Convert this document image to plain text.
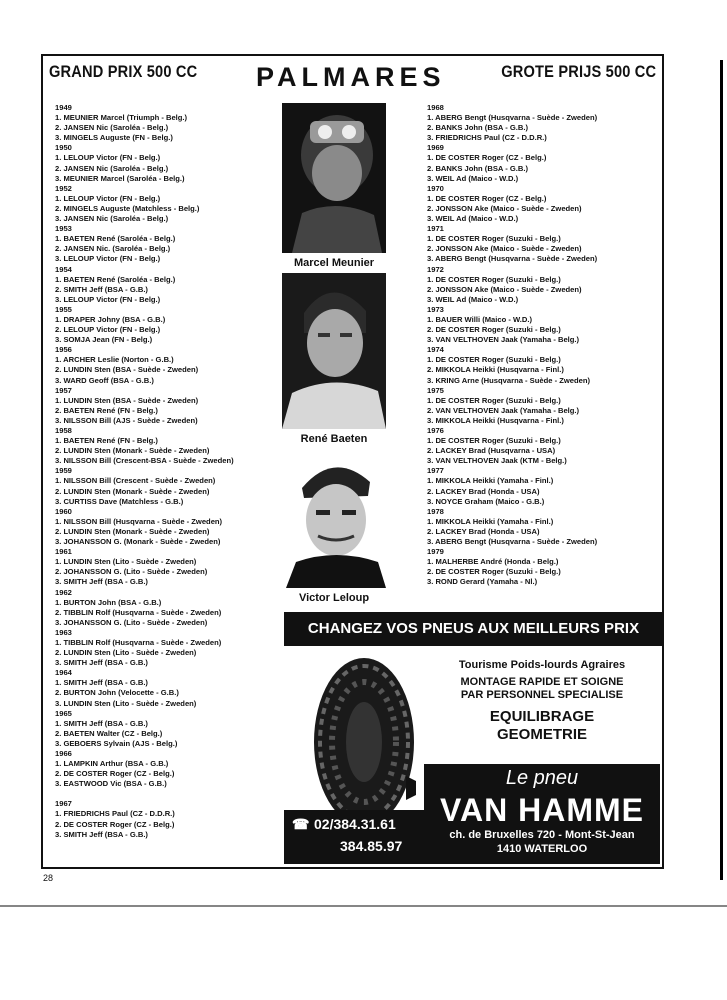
GRAND PRIX 500 CC PALMARES	GROTE PRIJS 500 CC
1949
1. MEUNIER Marcel (Triumph - Belg.)
2. JANSEN Nic (Saroléa - Belg.)
3. MINGELS Auguste (FN - Belg.)
1950
1. LELOUP Victor (FN - Belg.)
2. JANSEN Nic (Saroléa - Belg.)
3. MEUNIER Marcel (Saroléa - Belg.)
1952
1. LELOUP Victor (FN - Belg.)
2. MINGELS Auguste (Matchless - Belg.)
3. JANSEN Nic (Saroléa - Belg.)
1953
1. BAETEN René (Saroléa - Belg.)
2. JANSEN Nic. (Saroléa - Belg.)
3. LELOUP Victor (FN - Belg.)
1954
1. BAETEN René (Saroléa - Belg.)
2. SMITH Jeff (BSA - G.B.)
3. LELOUP Victor (FN - Belg.)
1955
1. DRAPER Johny (BSA - G.B.)
2. LELOUP Victor (FN - Belg.)
3. SOMJA Jean (FN - Belg.)
1956
1. ARCHER Leslie (Norton - G.B.)
2. LUNDIN Sten (BSA - Suède - Zweden)
3. WARD Geoff (BSA - G.B.)
1957
1. LUNDIN Sten (BSA - Suède - Zweden)
2. BAETEN René (FN - Belg.)
3. NILSSON Bill (AJS - Suède - Zweden)
1958
1. BAETEN René (FN - Belg.)
2. LUNDIN Sten (Monark - Suède - Zweden)
3. NILSSON Bill (Crescent-BSA - Suède - Zweden)
1959
1. NILSSON Bill (Crescent - Suède - Zweden)
2. LUNDIN Sten (Monark - Suède - Zweden)
3. CURTISS Dave (Matchless - G.B.)
1960
1. NILSSON Bill (Husqvarna - Suède - Zweden)
2. LUNDIN Sten (Monark - Suède - Zweden)
3. JOHANSSON G. (Monark - Suède - Zweden)
1961
1. LUNDIN Sten (Lito - Suède - Zweden)
2. JOHANSSON G. (Lito - Suède - Zweden)
3. SMITH Jeff (BSA - G.B.)
1962
1. BURTON John (BSA - G.B.)
2. TIBBLIN Rolf (Husqvarna - Suède - Zweden)
3. JOHANSSON G. (Lito - Suède - Zweden)
1963
1. TIBBLIN Rolf (Husqvarna - Suède - Zweden)
2. LUNDIN Sten (Lito - Suède - Zweden)
3. SMITH Jeff (BSA - G.B.)
1964
1. SMITH Jeff (BSA - G.B.)
2. BURTON John (Velocette - G.B.)
3. LUNDIN Sten (Lito - Suède - Zweden)
1965
1. SMITH Jeff (BSA - G.B.)
2. BAETEN Walter (CZ - Belg.)
3. GEBOERS Sylvain (AJS - Belg.)
1966
1. LAMPKIN Arthur (BSA - G.B.)
2. DE COSTER Roger (CZ - Belg.)
3. EASTWOOD Vic (BSA - G.B.)
1967
1. FRIEDRICHS Paul (CZ - D.D.R.)
2. DE COSTER Roger (CZ - Belg.)
3. SMITH Jeff (BSA - G.B.)
1968
1. ABERG Bengt (Husqvarna - Suède - Zweden)
2. BANKS John (BSA - G.B.)
3. FRIEDRICHS Paul (CZ - D.D.R.)
1969
1. DE COSTER Roger (CZ - Belg.)
2. BANKS John (BSA - G.B.)
3. WEIL Ad (Maico - W.D.)
1970
1. DE COSTER Roger (CZ - Belg.)
2. JONSSON Ake (Maico - Suède - Zweden)
3. WEIL Ad (Maico - W.D.)
1971
1. DE COSTER Roger (Suzuki - Belg.)
2. JONSSON Ake (Maico - Suède - Zweden)
3. ABERG Bengt (Husqvarna - Suède - Zweden)
1972
1. DE COSTER Roger (Suzuki - Belg.)
2. JONSSON Ake (Maico - Suède - Zweden)
3. WEIL Ad (Maico - W.D.)
1973
1. BAUER Willi (Maico - W.D.)
2. DE COSTER Roger (Suzuki - Belg.)
3. VAN VELTHOVEN Jaak (Yamaha - Belg.)
1974
1. DE COSTER Roger (Suzuki - Belg.)
2. MIKKOLA Heikki (Husqvarna - Finl.)
3. KRING Arne (Husqvarna - Suède - Zweden)
1975
1. DE COSTER Roger (Suzuki - Belg.)
2. VAN VELTHOVEN Jaak (Yamaha - Belg.)
3. MIKKOLA Heikki (Husqvarna - Finl.)
1976
1. DE COSTER Roger (Suzuki - Belg.)
2. LACKEY Brad (Husqvarna - USA)
3. VAN VELTHOVEN Jaak (KTM - Belg.)
1977
1. MIKKOLA Heikki (Yamaha - Finl.)
2. LACKEY Brad (Honda - USA)
3. NOYCE Graham (Maico - G.B.)
1978
1. MIKKOLA Heikki (Yamaha - Finl.)
2. LACKEY Brad (Honda - USA)
3. ABERG Bengt (Husqvarna - Suède - Zweden)
1979
1. MALHERBE André (Honda - Belg.)
2. DE COSTER Roger (Suzuki - Belg.)
3. ROND Gerard (Yamaha - Nl.)
Marcel Meunier
René Baeten
Victor Leloup
CHANGEZ VOS PNEUS AUX MEILLEURS PRIX
Tourisme Poids-lourds Agraires
MONTAGE RAPIDE ET SOIGNE
PAR PERSONNEL SPECIALISE
EQUILIBRAGE
GEOMETRIE
Le pneu
VAN HAMME
ch. de Bruxelles 720 - Mont-St-Jean
1410 WATERLOO
☎ 02/384.31.61
384.85.97
28
